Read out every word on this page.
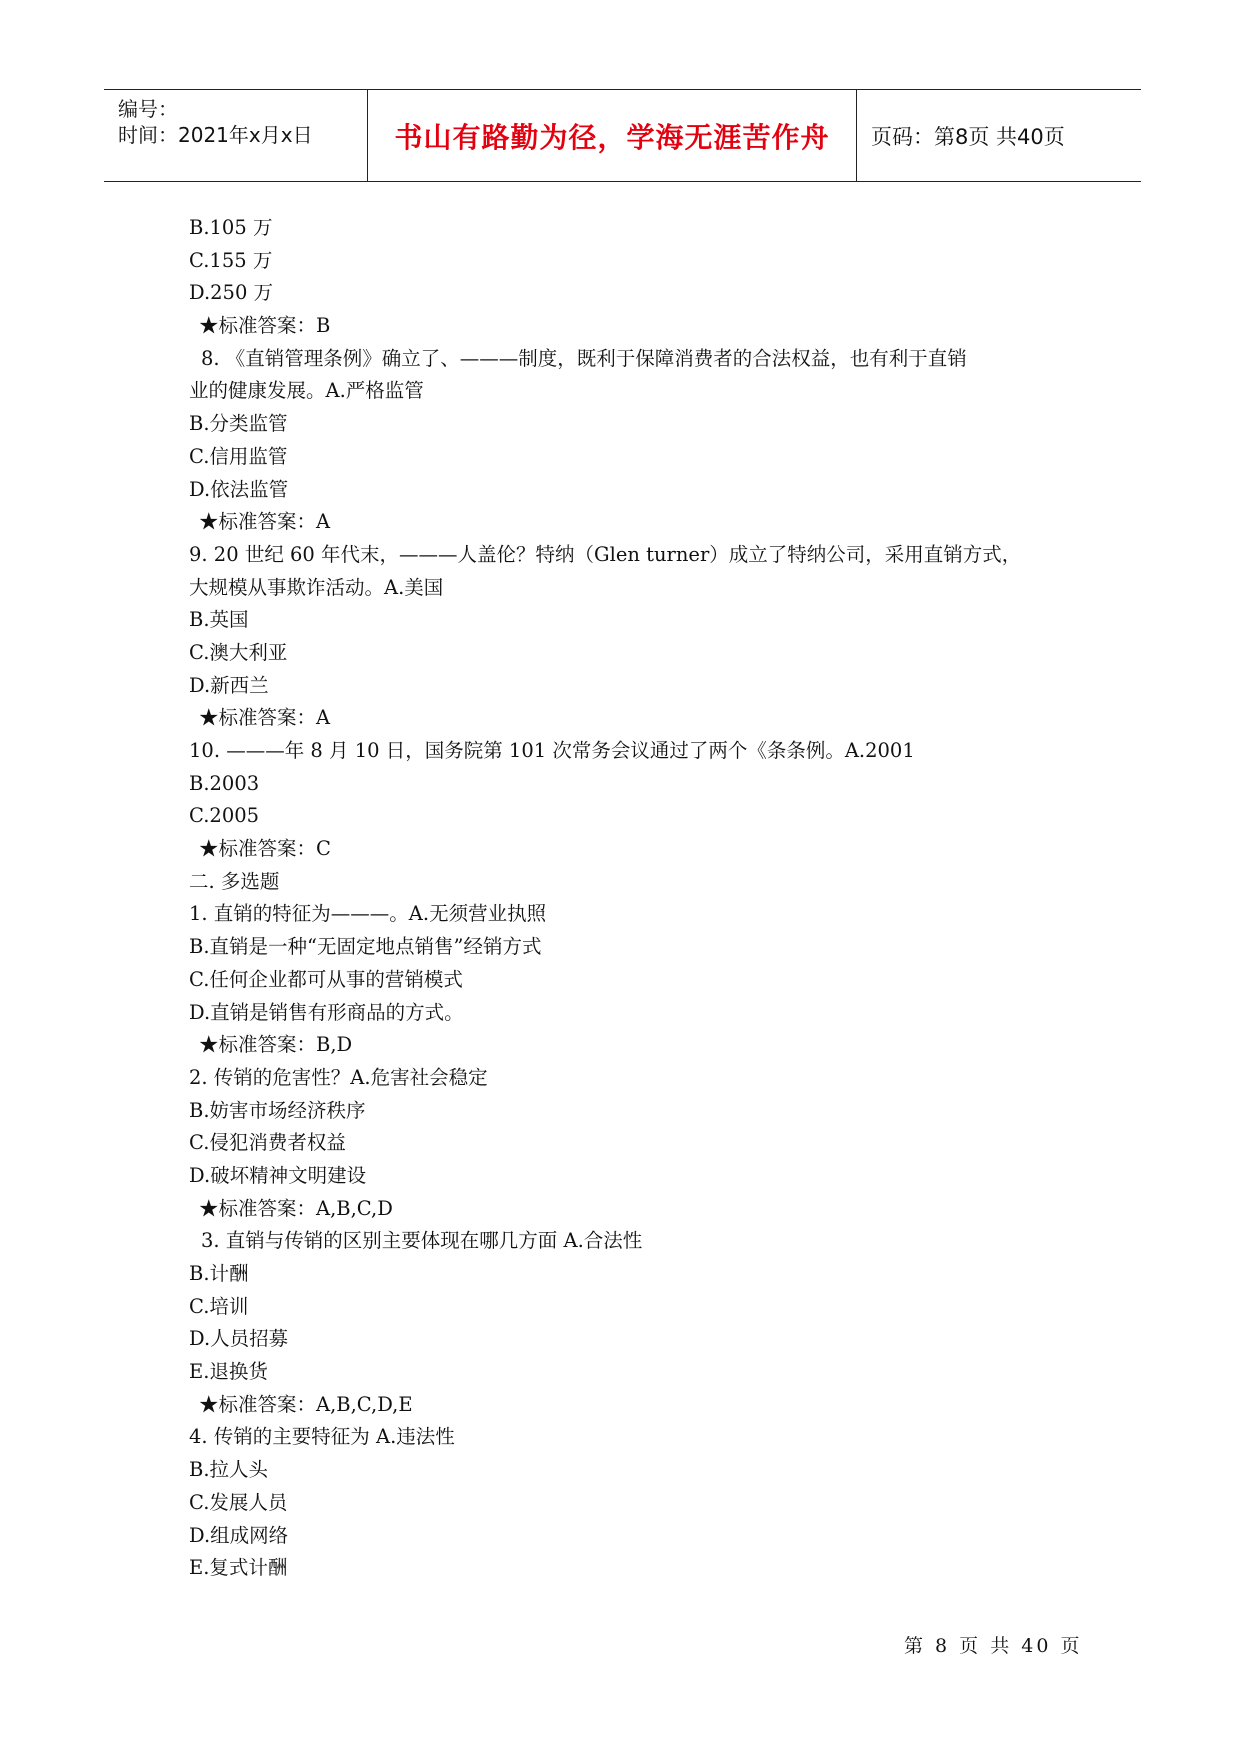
编号：
时间：2021年x月x日	书山有路勤为径，学海无涯苦作舟 页码：第8页 共40页
B.105 万
C.155 万
D.250 万
★标准答案：B
8. 《直销管理条例》确立了、———制度，既利于保障消费者的合法权益，也有利于直销
业的健康发展。A.严格监管
B.分类监管
C.信用监管
D.依法监管
★标准答案：A
9. 20 世纪 60 年代末，———人盖伦？特纳（Glen turner）成立了特纳公司，采用直销方式，
大规模从事欺诈活动。A.美国
B.英国
C.澳大利亚
D.新西兰
★标准答案：A
10. ———年 8 月 10 日，国务院第 101 次常务会议通过了两个《条条例。A.2001
B.2003
C.2005
★标准答案：C
二. 多选题
1. 直销的特征为———。A.无须营业执照
B.直销是一种“无固定地点销售”经销方式
C.任何企业都可从事的营销模式
D.直销是销售有形商品的方式。
★标准答案：B,D
2. 传销的危害性？A.危害社会稳定
B.妨害市场经济秩序
C.侵犯消费者权益
D.破坏精神文明建设
★标准答案：A,B,C,D
3. 直销与传销的区别主要体现在哪几方面 A.合法性
B.计酬
C.培训
D.人员招募
E.退换货
★标准答案：A,B,C,D,E
4. 传销的主要特征为 A.违法性
B.拉人头
C.发展人员
D.组成网络
E.复式计酬
第 8 页 共 40 页
